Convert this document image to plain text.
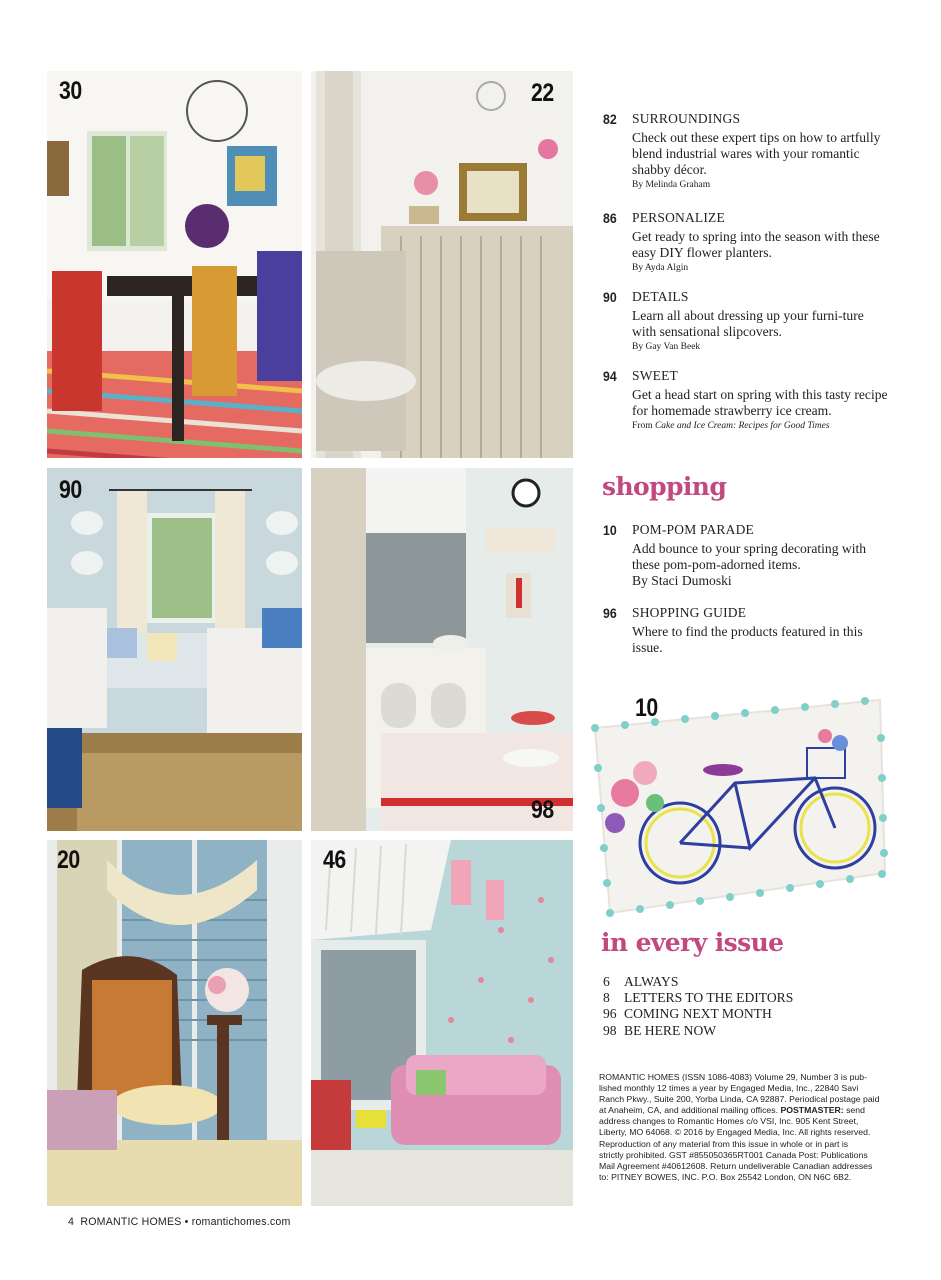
30	22
90
98
20	46
82 SURROUNDINGS
Check out these expert tips on how to artfully blend industrial wares with your romantic shabby décor.
By Melinda Graham
86 PERSONALIZE
Get ready to spring into the season with these easy DIY flower planters.
By Ayda Algin
90 DETAILS
Learn all about dressing up your furni-ture with sensational slipcovers.
By Gay Van Beek
94 SWEET
Get a head start on spring with this tasty recipe for homemade strawberry ice cream.
From Cake and Ice Cream: Recipes for Good Times
shopping
10 POM-POM PARADE
Add bounce to your spring decorating with these pom-pom-adorned items.
By Staci Dumoski
96 SHOPPING GUIDE
Where to find the products featured in this issue.
10
in every issue
6 ALWAYS
8 LETTERS TO THE EDITORS
96 COMING NEXT MONTH
98 BE HERE NOW
ROMANTIC HOMES (ISSN 1086-4083) Volume 29, Number 3 is pub-
lished monthly 12 times a year by Engaged Media, Inc., 22840 Savi
Ranch Pkwy., Suite 200, Yorba Linda, CA 92887. Periodical postage paid
at Anaheim, CA, and additional mailing offices. POSTMASTER: send
address changes to Romantic Homes c/o VSI, Inc. 905 Kent Street,
Liberty, MO 64068. © 2016 by Engaged Media, Inc. All rights reserved.
Reproduction of any material from this issue in whole or in part is
strictly prohibited. GST #855050365RT001 Canada Post: Publications
Mail Agreement #40612608. Return undeliverable Canadian addresses
to: PITNEY BOWES, INC. P.O. Box 25542 London, ON N6C 6B2.
4 ROMANTIC HOMES • romantichomes.com
